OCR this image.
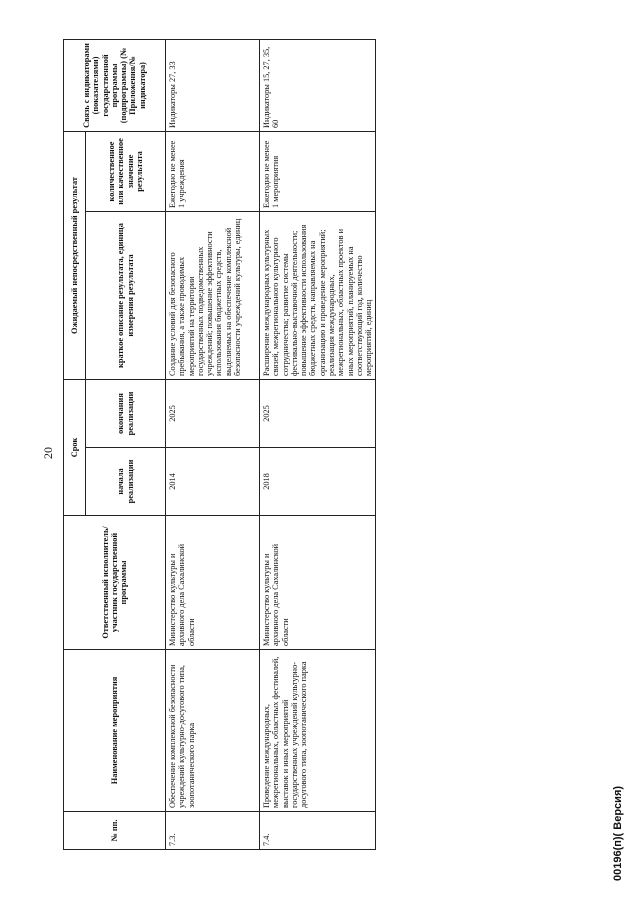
20
№ пп.	Наименование мероприятия	Ответственный исполнитель/участник государственной программы	Срок		Ожидаемый непосредственный результат		Связь с индикаторами (показателями) государственной программы (подпрограммы) (№ Приложения/№ индикатора)
			начала реализации	окончания реализации	краткое описание результата, единица измерения результата	количественное или качественное значение результата	
7.3.	Обеспечение комплексной безопасности учреждений культурно-досугового типа, зоопотанического парка	Министерство культуры и архивного дела Сахалинской области	2014	2025	Создание условий для безопасного пребывания, а также проводимых мероприятий на территории государственных подведомственных учреждений; повышение эффективности использования бюджетных средств, выделяемых на обеспечение комплексной безопасности учреждений культуры, единиц	Ежегодно не менее 1 учреждения	Индикаторы 27, 33
7.4.	Проведение международных, межрегиональных, областных фестивалей, выставок и иных мероприятий государственных учреждений культурно-досугового типа, зоопотанического парка	Министерство культуры и архивного дела Сахалинской области	2018	2025	Расширение международных культурных связей, межрегионального культурного сотрудничества; развитие системы фестивально-выставочной деятельности; повышение эффективности использования бюджетных средств, направляемых на организацию и проведение мероприятий; реализация международных, межрегиональных, областных проектов и иных мероприятий, планируемых на соответствующий год, количество мероприятий, единиц	Ежегодно не менее 1 мероприятия	Индикаторы 15, 27, 35, 60
00196(п)( Версия)
